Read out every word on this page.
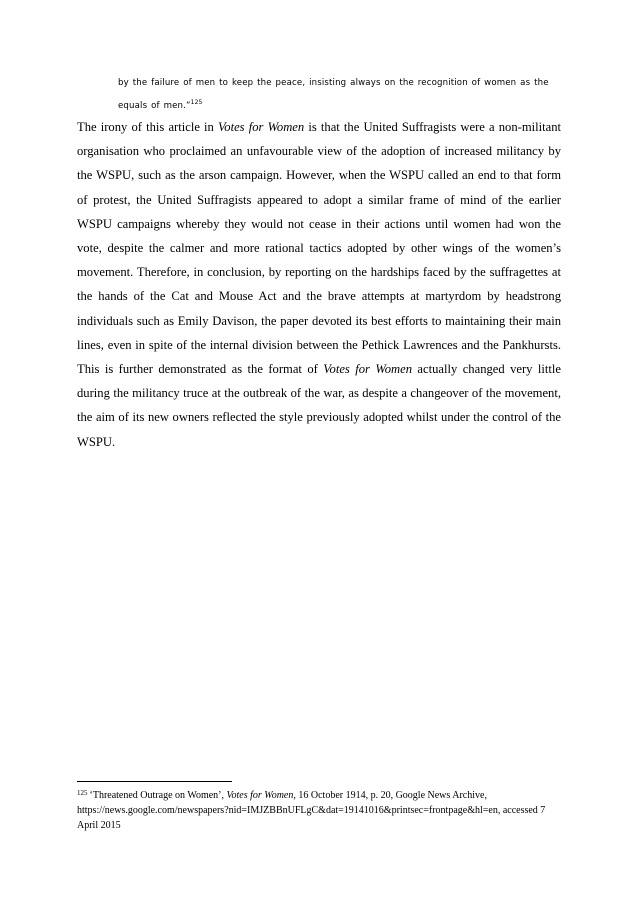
by the failure of men to keep the peace, insisting always on the recognition of women as the equals of men.”$^{125}$

The irony of this article in Votes for Women is that the United Suffragists were a non-militant organisation who proclaimed an unfavourable view of the adoption of increased militancy by the WSPU, such as the arson campaign. However, when the WSPU called an end to that form of protest, the United Suffragists appeared to adopt a similar frame of mind of the earlier WSPU campaigns whereby they would not cease in their actions until women had won the vote, despite the calmer and more rational tactics adopted by other wings of the women’s movement. Therefore, in conclusion, by reporting on the hardships faced by the suffragettes at the hands of the Cat and Mouse Act and the brave attempts at martyrdom by headstrong individuals such as Emily Davison, the paper devoted its best efforts to maintaining their main lines, even in spite of the internal division between the Pethick Lawrences and the Pankhursts. This is further demonstrated as the format of Votes for Women actually changed very little during the militancy truce at the outbreak of the war, as despite a changeover of the movement, the aim of its new owners reflected the style previously adopted whilst under the control of the WSPU.

$^{125}$ ‘Threatened Outrage on Women’, Votes for Women, 16 October 1914, p. 20, Google News Archive, https://news.google.com/newspapers?nid=IMJZBBnUFLgC&dat=19141016&printsec=frontpage&hl=en, accessed 7 April 2015
